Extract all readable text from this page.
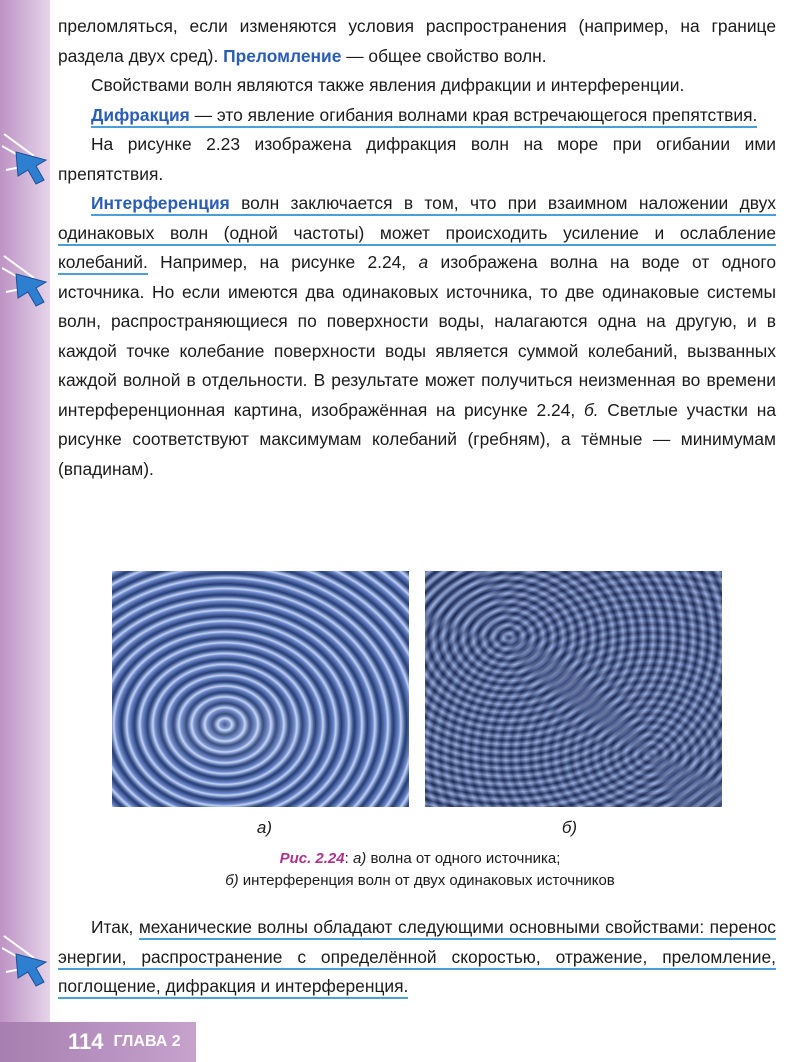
преломляться, если изменяются условия распространения (например, на границе раздела двух сред). Преломление — общее свойство волн.

Свойствами волн являются также явления дифракции и интерференции.

Дифракция — это явление огибания волнами края встречающегося препятствия.

На рисунке 2.23 изображена дифракция волн на море при огибании ими препятствия.

Интерференция волн заключается в том, что при взаимном наложении двух одинаковых волн (одной частоты) может происходить усиление и ослабление колебаний. Например, на рисунке 2.24, а изображена волна на воде от одного источника. Но если имеются два одинаковых источника, то две одинаковые системы волн, распространяющиеся по поверхности воды, налагаются одна на другую, и в каждой точке колебание поверхности воды является суммой колебаний, вызванных каждой волной в отдельности. В результате может получиться неизменная во времени интерференционная картина, изображённая на рисунке 2.24, б. Светлые участки на рисунке соответствуют максимумам колебаний (гребням), а тёмные — минимумам (впадинам).

а)	б)
Рис. 2.24: а) волна от одного источника;
б) интерференция волн от двух одинаковых источников

Итак, механические волны обладают следующими основными свойствами: перенос энергии, распространение с определённой скоростью, отражение, преломление, поглощение, дифракция и интерференция.

114 ГЛАВА 2
